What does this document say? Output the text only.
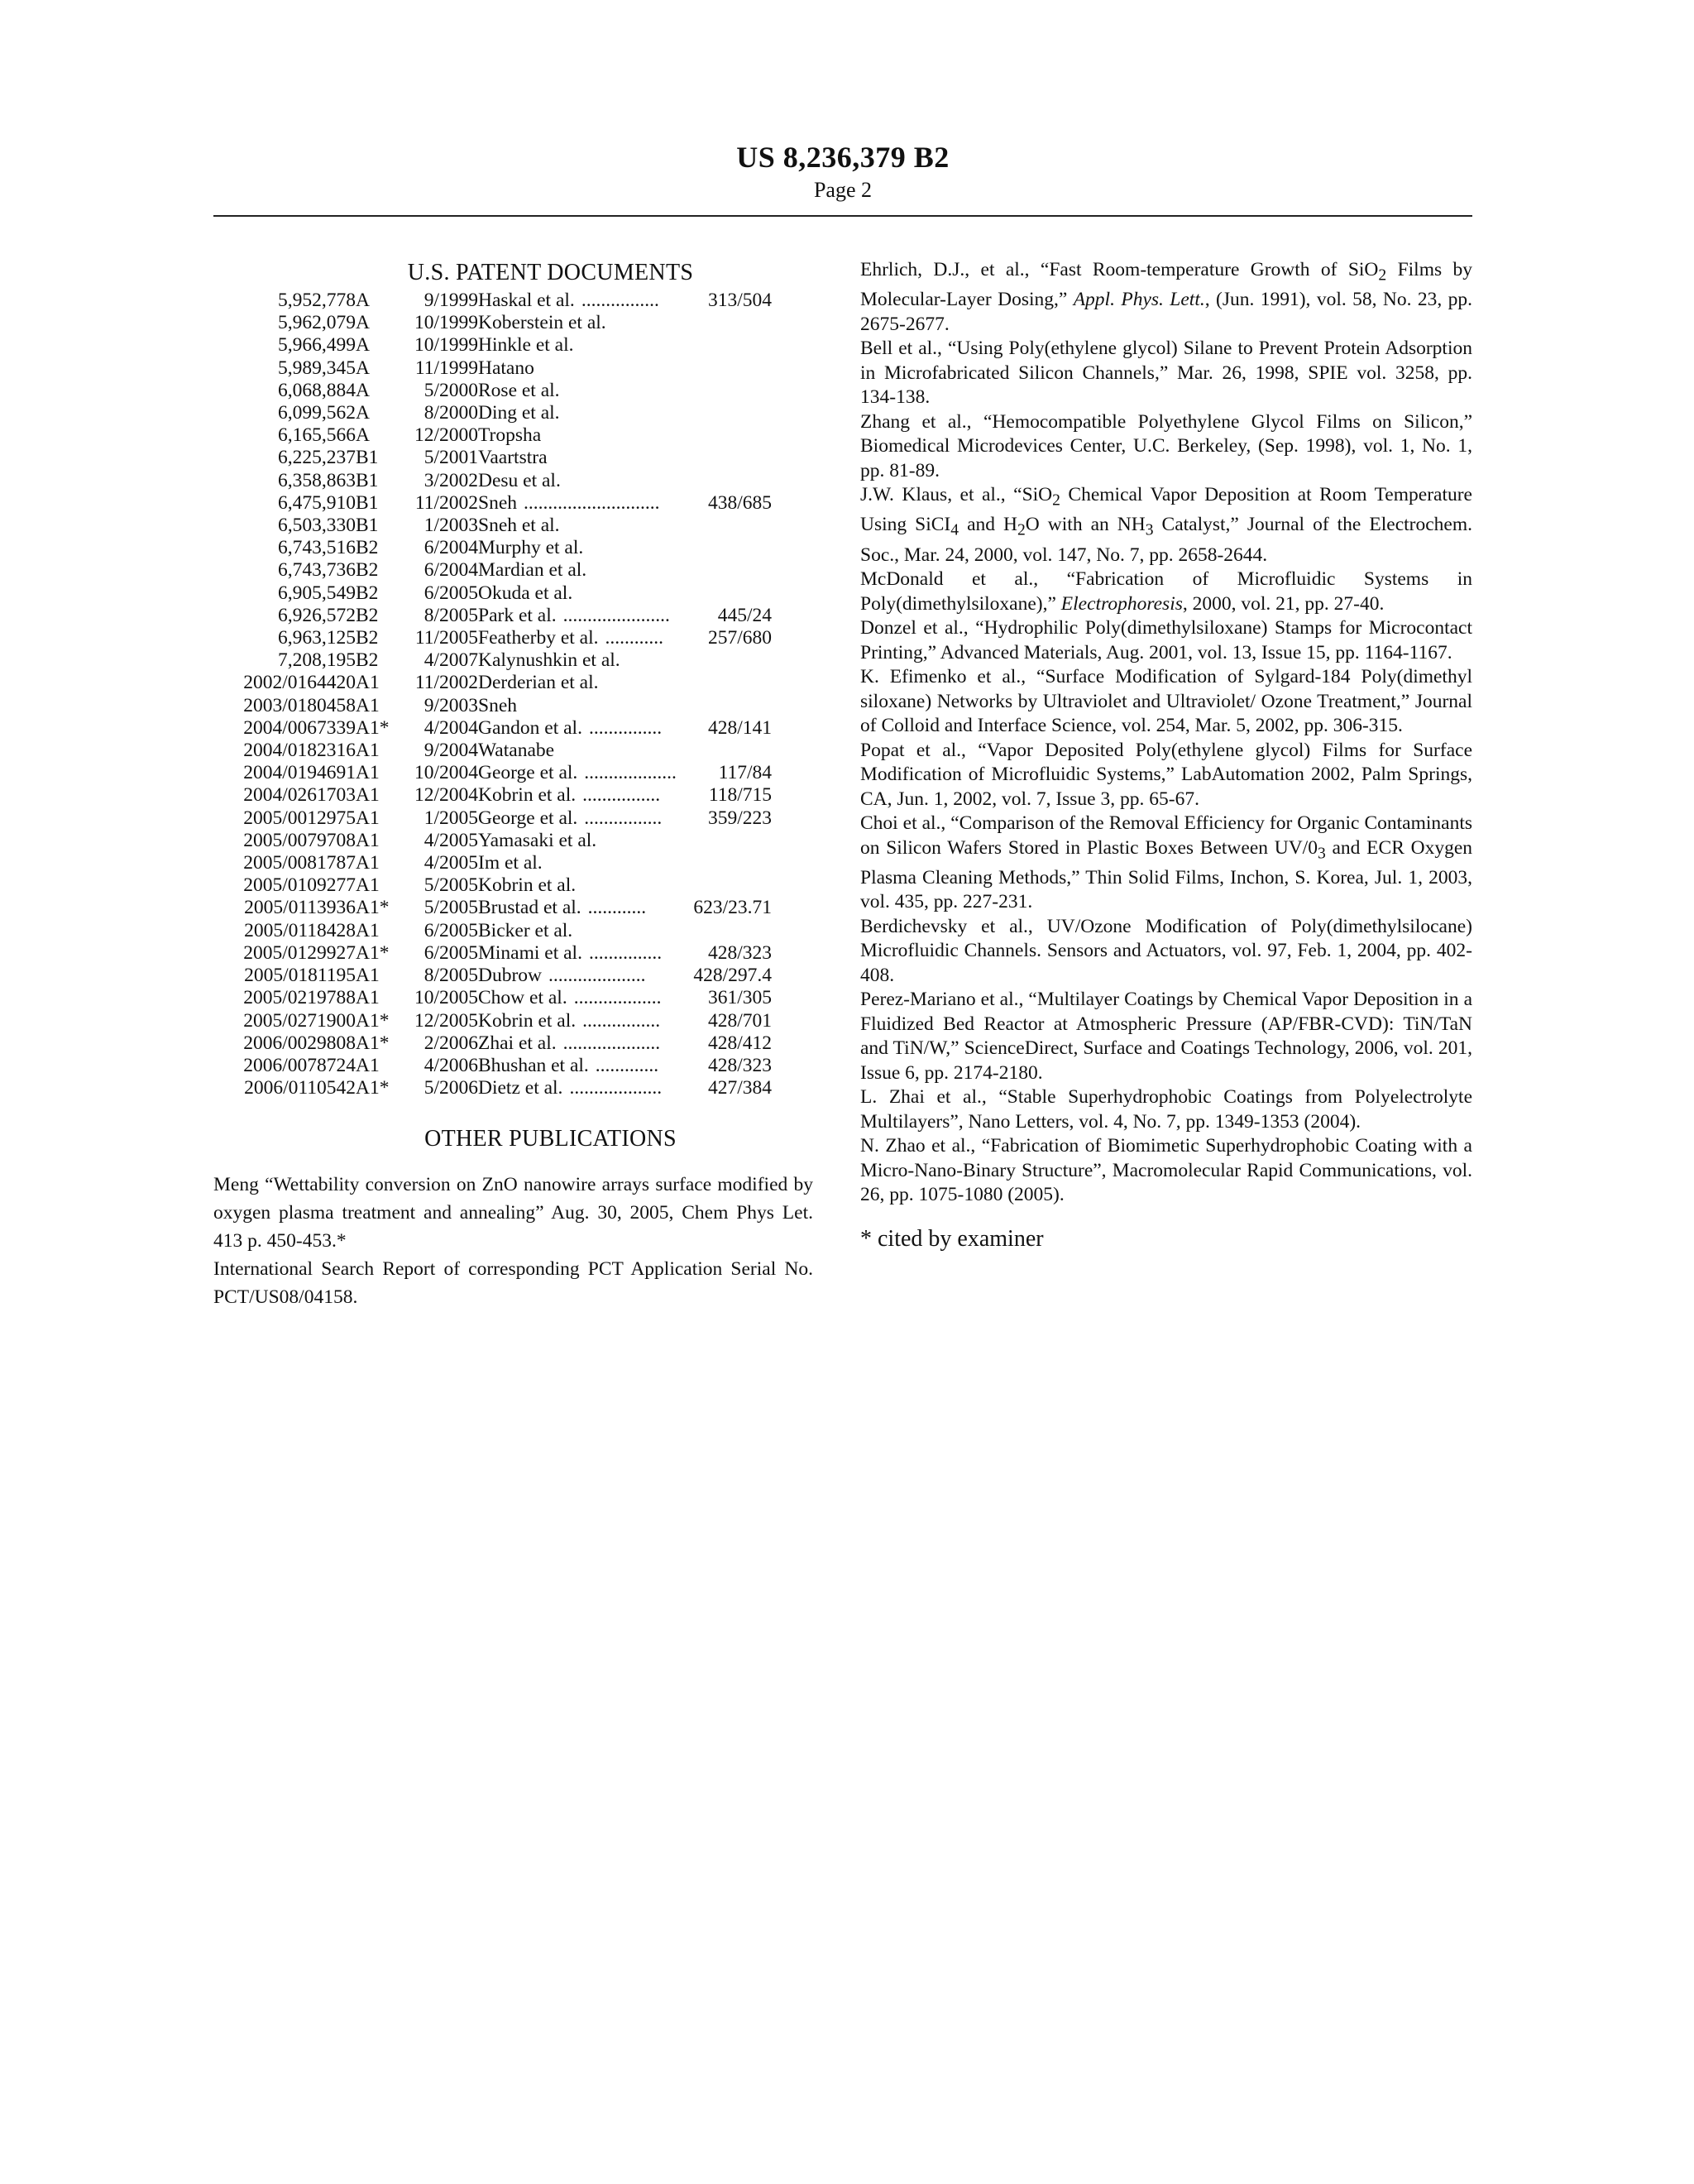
US 8,236,379 B2
Page 2
U.S. PATENT DOCUMENTS
5,952,778	A	9/1999	Haskal et al. ................ 313/504

5,962,079	A	10/1999	Koberstein et al.
5,966,499	A	10/1999	Hinkle et al.
5,989,345	A	11/1999	Hatano
6,068,884	A	5/2000	Rose et al.
6,099,562	A	8/2000	Ding et al.
6,165,566	A	12/2000	Tropsha
6,225,237	B1	5/2001	Vaartstra
6,358,863	B1	3/2002	Desu et al.
6,475,910	B1	11/2002	Sneh ............................ 438/685

6,503,330	B1	1/2003	Sneh et al.
6,743,516	B2	6/2004	Murphy et al.
6,743,736	B2	6/2004	Mardian et al.
6,905,549	B2	6/2005	Okuda et al.
6,926,572	B2	8/2005	Park et al. ...................... 445/24

6,963,125	B2	11/2005	Featherby et al. ............ 257/680

7,208,195	B2	4/2007	Kalynushkin et al.
2002/0164420	A1	11/2002	Derderian et al.
2003/0180458	A1	9/2003	Sneh
2004/0067339	A1*	4/2004	Gandon et al. ............... 428/141

2004/0182316	A1	9/2004	Watanabe
2004/0194691	A1	10/2004	George et al. ................... 117/84

2004/0261703	A1	12/2004	Kobrin et al. ................ 118/715

2005/0012975	A1	1/2005	George et al. ................ 359/223

2005/0079708	A1	4/2005	Yamasaki et al.
2005/0081787	A1	4/2005	Im et al.
2005/0109277	A1	5/2005	Kobrin et al.
2005/0113936	A1*	5/2005	Brustad et al. ............ 623/23.71

2005/0118428	A1	6/2005	Bicker et al.
2005/0129927	A1*	6/2005	Minami et al. ............... 428/323

2005/0181195	A1	8/2005	Dubrow .................... 428/297.4

2005/0219788	A1	10/2005	Chow et al. .................. 361/305

2005/0271900	A1*	12/2005	Kobrin et al. ................ 428/701

2006/0029808	A1*	2/2006	Zhai et al. .................... 428/412

2006/0078724	A1	4/2006	Bhushan et al. ............. 428/323

2006/0110542	A1*	5/2006	Dietz et al. ................... 427/384
OTHER PUBLICATIONS

Meng “Wettability conversion on ZnO nanowire arrays surface modified by oxygen plasma treatment and annealing” Aug. 30, 2005, Chem Phys Let. 413 p. 450-453.*

International Search Report of corresponding PCT Application Serial No. PCT/US08/04158.

Ehrlich, D.J., et al., “Fast Room-temperature Growth of SiO$_2$ Films by Molecular-Layer Dosing,” Appl. Phys. Lett., (Jun. 1991), vol. 58, No. 23, pp. 2675-2677.

Bell et al., “Using Poly(ethylene glycol) Silane to Prevent Protein Adsorption in Microfabricated Silicon Channels,” Mar. 26, 1998, SPIE vol. 3258, pp. 134-138.

Zhang et al., “Hemocompatible Polyethylene Glycol Films on Silicon,” Biomedical Microdevices Center, U.C. Berkeley, (Sep. 1998), vol. 1, No. 1, pp. 81-89.

J.W. Klaus, et al., “SiO$_2$ Chemical Vapor Deposition at Room Temperature Using SiCI$_4$ and $H_2O$ with an $NH_3$ Catalyst,” Journal of the Electrochem. Soc., Mar. 24, 2000, vol. 147, No. 7, pp. 2658-2644.

McDonald et al., “Fabrication of Microfluidic Systems in Poly(dimethylsiloxane),” Electrophoresis, 2000, vol. 21, pp. 27-40.

Donzel et al., “Hydrophilic Poly(dimethylsiloxane) Stamps for Microcontact Printing,” Advanced Materials, Aug. 2001, vol. 13, Issue 15, pp. 1164-1167.

K. Efimenko et al., “Surface Modification of Sylgard-184 Poly(dimethyl siloxane) Networks by Ultraviolet and Ultraviolet/ Ozone Treatment,” Journal of Colloid and Interface Science, vol. 254, Mar. 5, 2002, pp. 306-315.

Popat et al., “Vapor Deposited Poly(ethylene glycol) Films for Surface Modification of Microfluidic Systems,” LabAutomation 2002, Palm Springs, CA, Jun. 1, 2002, vol. 7, Issue 3, pp. 65-67.

Choi et al., “Comparison of the Removal Efficiency for Organic Contaminants on Silicon Wafers Stored in Plastic Boxes Between $UV/0_3$ and ECR Oxygen Plasma Cleaning Methods,” Thin Solid Films, Inchon, S. Korea, Jul. 1, 2003, vol. 435, pp. 227-231.

Berdichevsky et al., UV/Ozone Modification of Poly(dimethylsilocane) Microfluidic Channels. Sensors and Actuators, vol. 97, Feb. 1, 2004, pp. 402-408.

Perez-Mariano et al., “Multilayer Coatings by Chemical Vapor Deposition in a Fluidized Bed Reactor at Atmospheric Pressure (AP/FBR-CVD): TiN/TaN and TiN/W,” ScienceDirect, Surface and Coatings Technology, 2006, vol. 201, Issue 6, pp. 2174-2180.

L. Zhai et al., “Stable Superhydrophobic Coatings from Polyelectrolyte Multilayers”, Nano Letters, vol. 4, No. 7, pp. 1349-1353 (2004).

N. Zhao et al., “Fabrication of Biomimetic Superhydrophobic Coating with a Micro-Nano-Binary Structure”, Macromolecular Rapid Communications, vol. 26, pp. 1075-1080 (2005).

* cited by examiner
